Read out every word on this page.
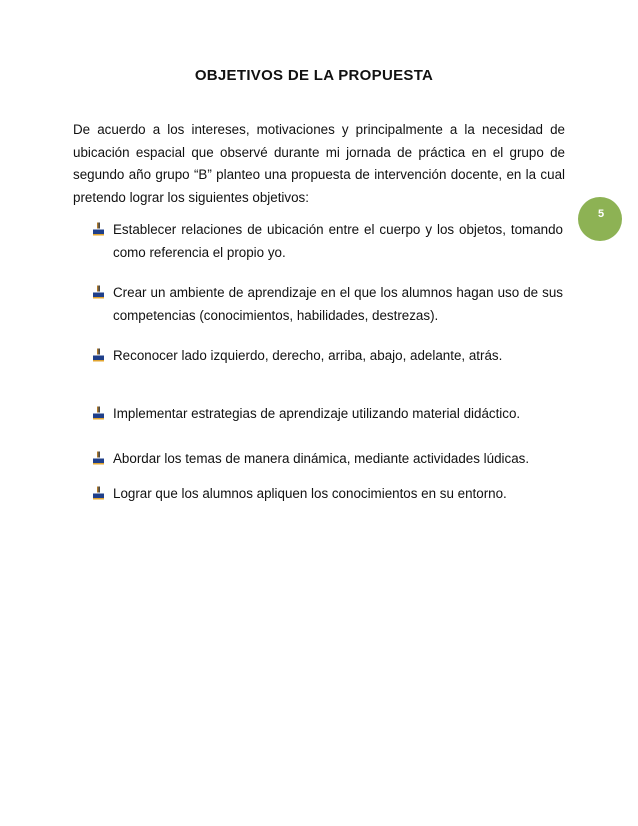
OBJETIVOS DE LA PROPUESTA
De acuerdo a los intereses, motivaciones y principalmente a la necesidad de ubicación espacial que observé durante mi jornada de práctica en el grupo de segundo año grupo “B” planteo una propuesta de intervención docente, en la cual pretendo lograr los siguientes objetivos:
5
Establecer relaciones de ubicación entre el cuerpo y los objetos, tomando como referencia el propio yo.
Crear un ambiente de aprendizaje en el que los alumnos hagan uso de sus competencias (conocimientos, habilidades, destrezas).
Reconocer lado izquierdo, derecho, arriba, abajo, adelante, atrás.
Implementar estrategias de aprendizaje utilizando material didáctico.
Abordar los temas de manera dinámica, mediante actividades lúdicas.
Lograr que los alumnos apliquen los conocimientos en su entorno.
